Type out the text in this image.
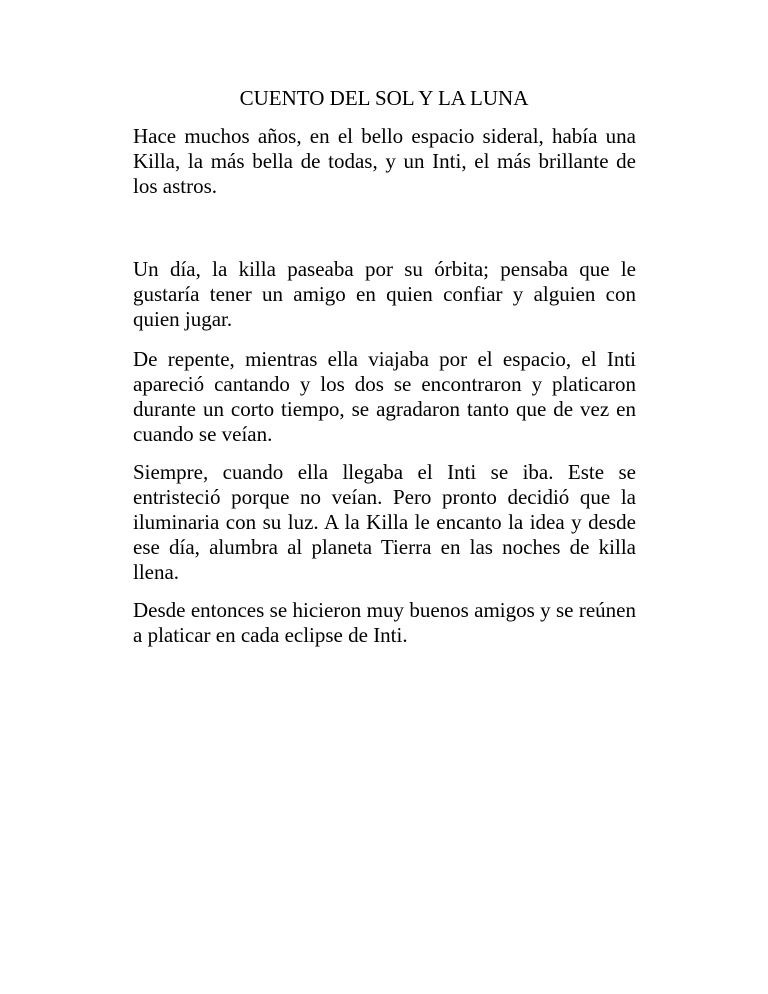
CUENTO DEL SOL Y LA LUNA

Hace muchos años, en el bello espacio sideral, había una Killa, la más bella de todas, y un Inti, el más brillante de los astros.

Un día, la killa paseaba por su órbita; pensaba que le gustaría tener un amigo en quien confiar y alguien con quien jugar.

De repente, mientras ella viajaba por el espacio, el Inti apareció cantando y los dos se encontraron y platicaron durante un corto tiempo, se agradaron tanto que de vez en cuando se veían.

Siempre, cuando ella llegaba el Inti se iba. Este se entristeció porque no veían. Pero pronto decidió que la iluminaria con su luz. A la Killa le encanto la idea y desde ese día, alumbra al planeta Tierra en las noches de killa llena.

Desde entonces se hicieron muy buenos amigos y se reúnen a platicar en cada eclipse de Inti.
